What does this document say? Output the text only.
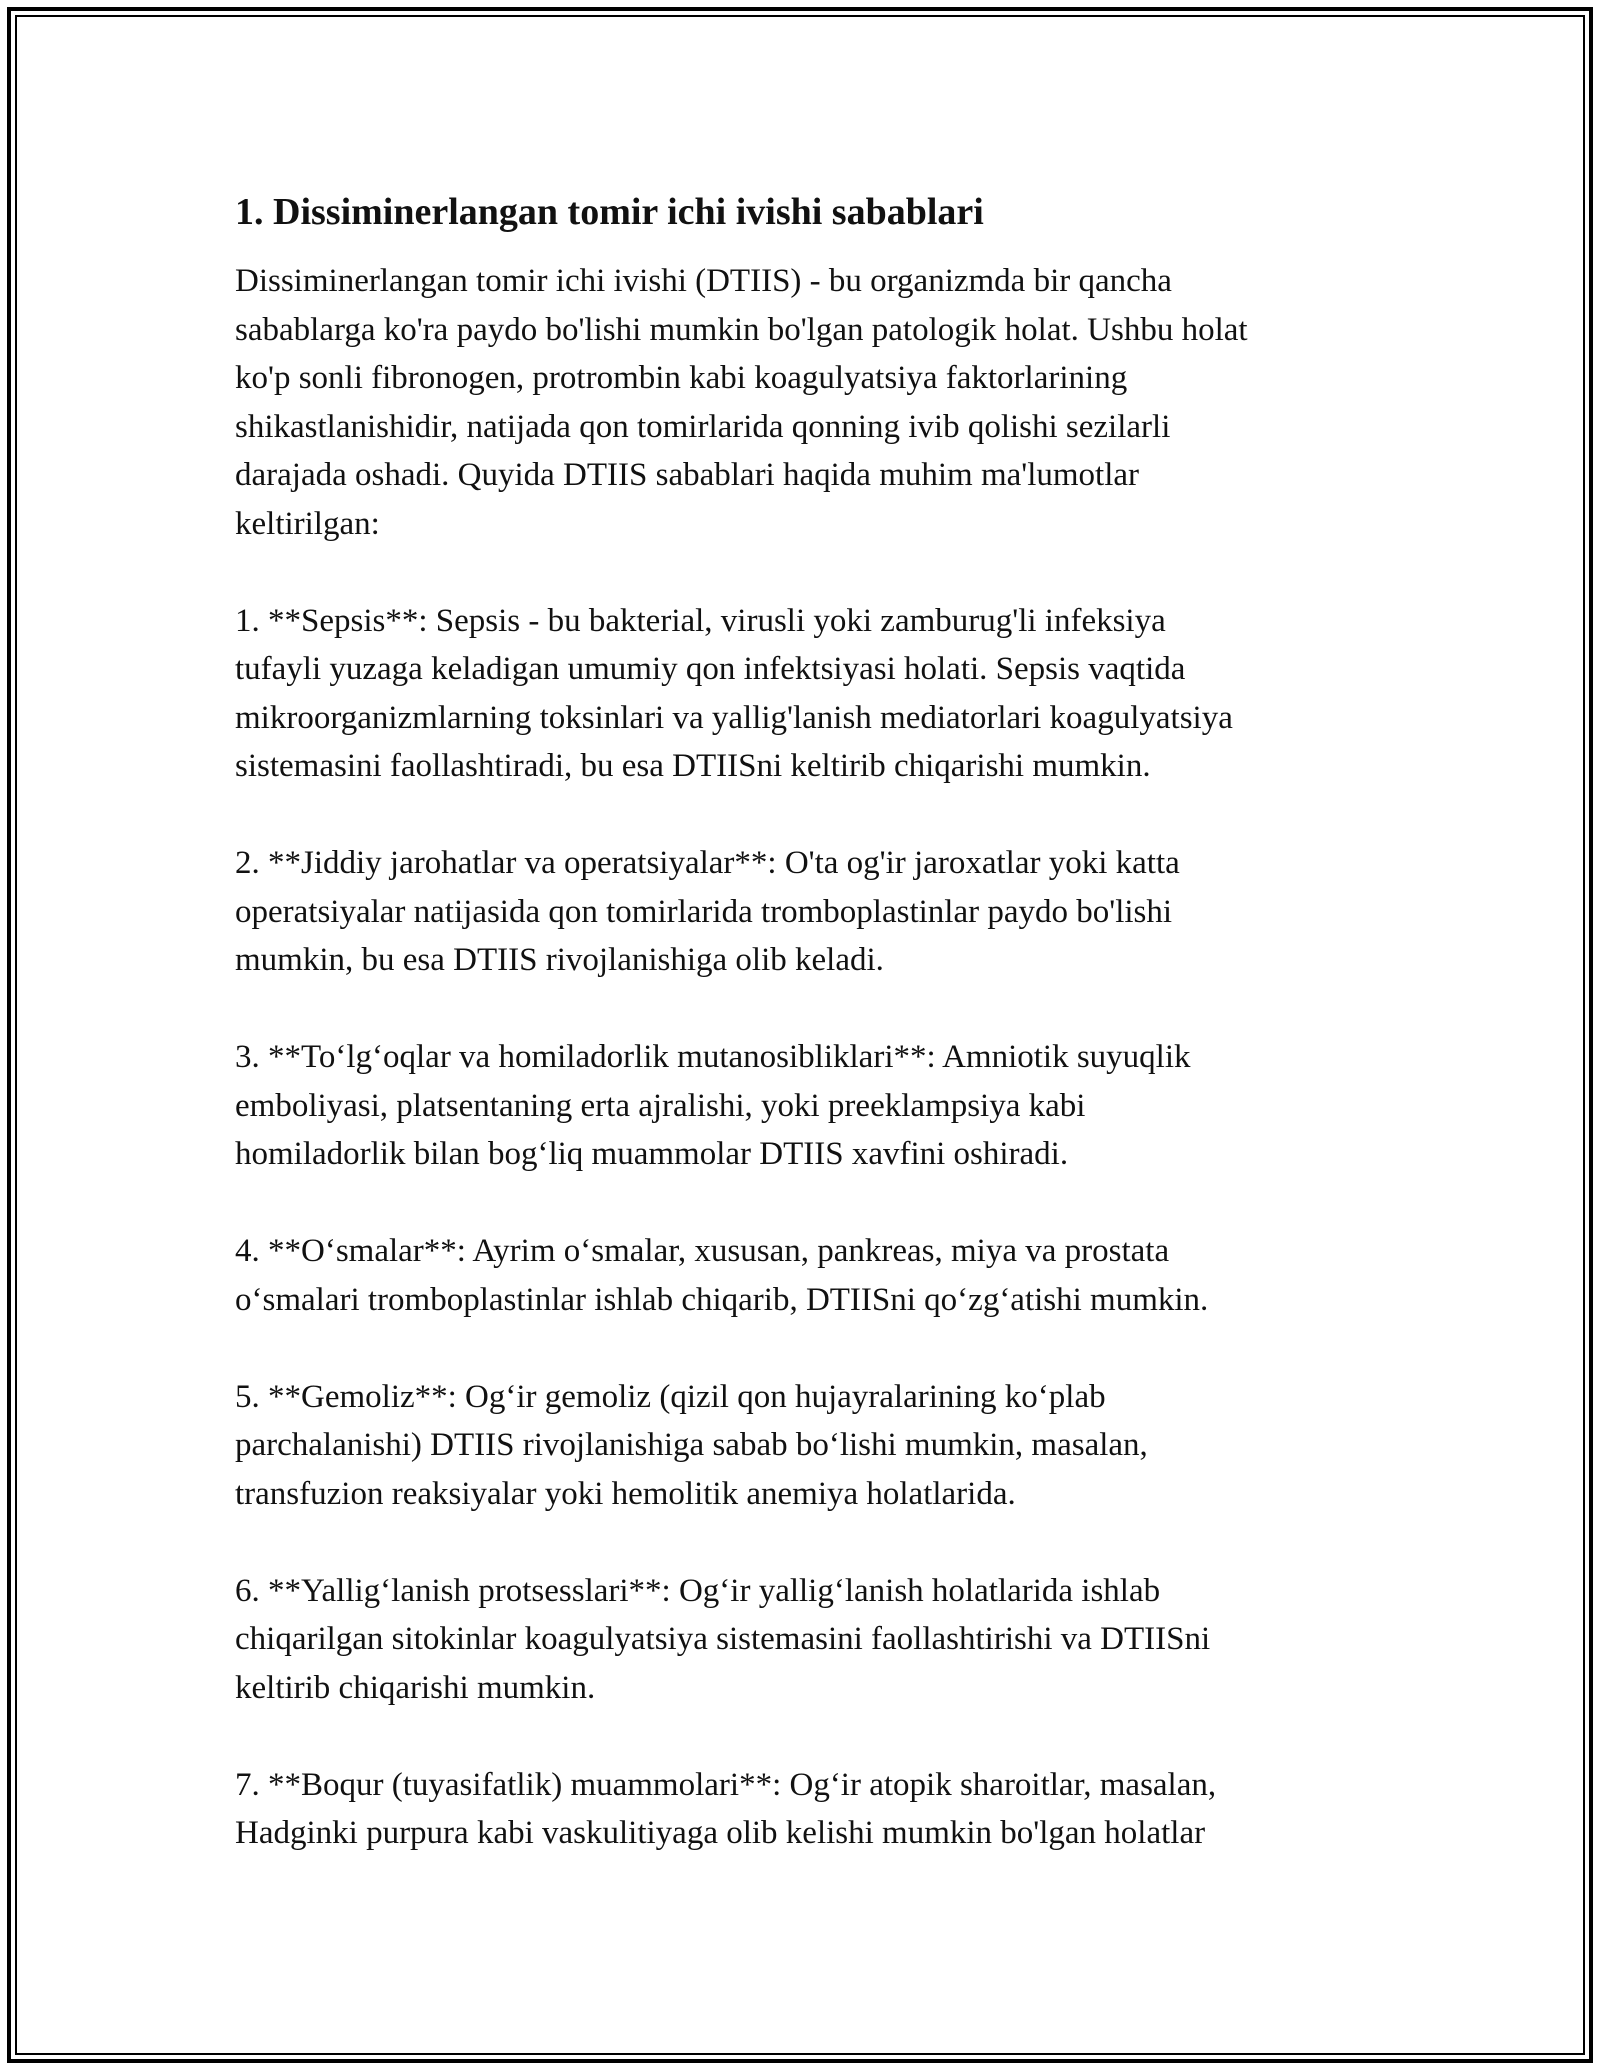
1. Dissiminerlangan tomir ichi ivishi sabablari

Dissiminerlangan tomir ichi ivishi (DTIIS) - bu organizmda bir qancha
sabablarga ko'ra paydo bo'lishi mumkin bo'lgan patologik holat. Ushbu holat
ko'p sonli fibronogen, protrombin kabi koagulyatsiya faktorlarining
shikastlanishidir, natijada qon tomirlarida qonning ivib qolishi sezilarli
darajada oshadi. Quyida DTIIS sabablari haqida muhim ma'lumotlar
keltirilgan:

1. **Sepsis**: Sepsis - bu bakterial, virusli yoki zamburug'li infeksiya
tufayli yuzaga keladigan umumiy qon infektsiyasi holati. Sepsis vaqtida
mikroorganizmlarning toksinlari va yallig'lanish mediatorlari koagulyatsiya
sistemasini faollashtiradi, bu esa DTIISni keltirib chiqarishi mumkin.

2. **Jiddiy jarohatlar va operatsiyalar**: O'ta og'ir jaroxatlar yoki katta
operatsiyalar natijasida qon tomirlarida tromboplastinlar paydo bo'lishi
mumkin, bu esa DTIIS rivojlanishiga olib keladi.

3. **To‘lg‘oqlar va homiladorlik mutanosibliklari**: Amniotik suyuqlik
emboliyasi, platsentaning erta ajralishi, yoki preeklampsiya kabi
homiladorlik bilan bog‘liq muammolar DTIIS xavfini oshiradi.

4. **O‘smalar**: Ayrim o‘smalar, xususan, pankreas, miya va prostata
o‘smalari tromboplastinlar ishlab chiqarib, DTIISni qo‘zg‘atishi mumkin.

5. **Gemoliz**: Og‘ir gemoliz (qizil qon hujayralarining ko‘plab
parchalanishi) DTIIS rivojlanishiga sabab bo‘lishi mumkin, masalan,
transfuzion reaksiyalar yoki hemolitik anemiya holatlarida.

6. **Yallig‘lanish protsesslari**: Og‘ir yallig‘lanish holatlarida ishlab
chiqarilgan sitokinlar koagulyatsiya sistemasini faollashtirishi va DTIISni
keltirib chiqarishi mumkin.

7. **Boqur (tuyasifatlik) muammolari**: Og‘ir atopik sharoitlar, masalan,
Hadginki purpura kabi vaskulitiyaga olib kelishi mumkin bo'lgan holatlar
